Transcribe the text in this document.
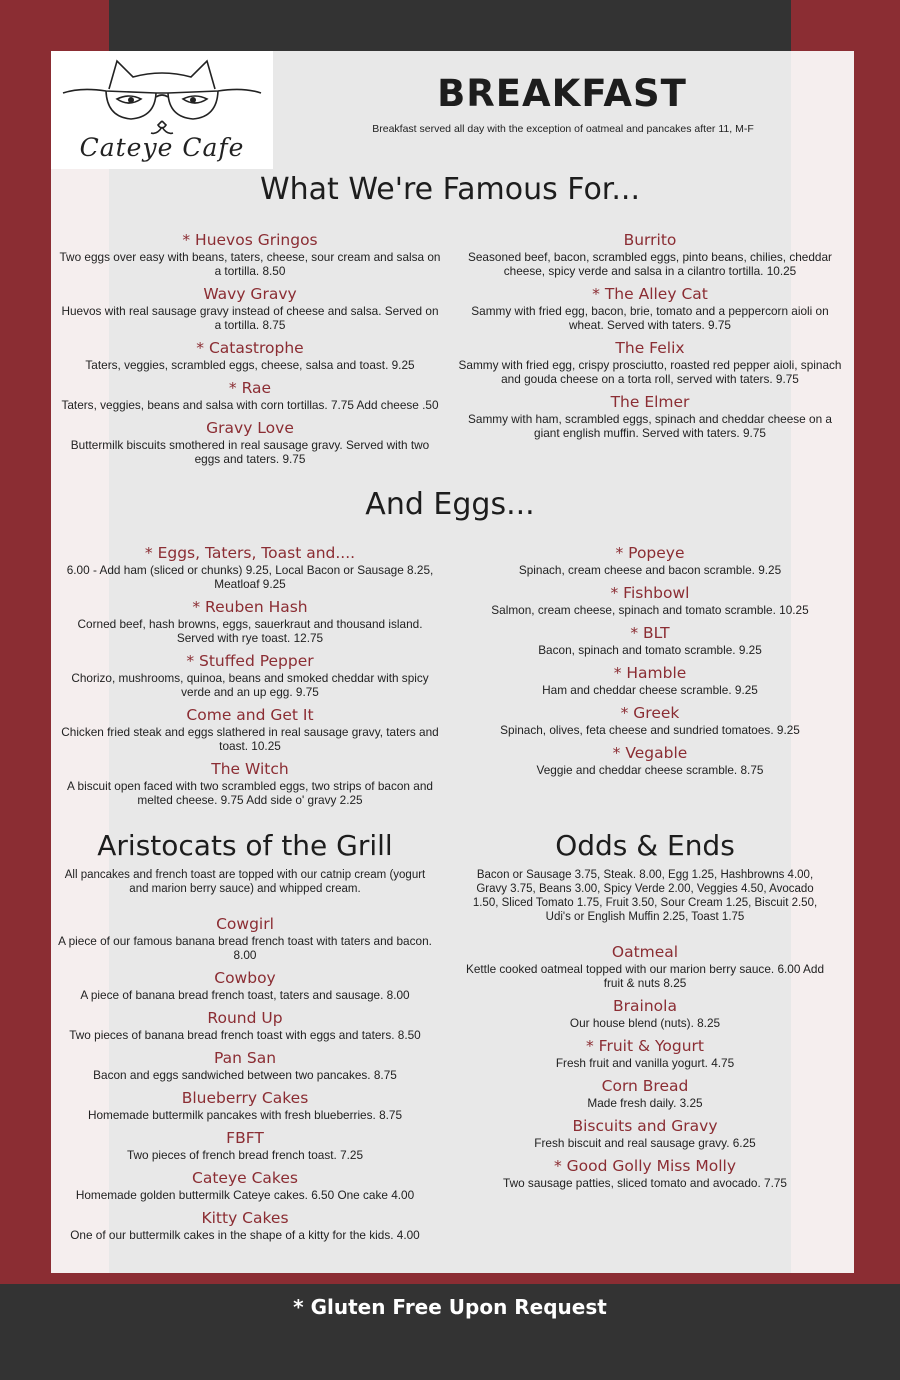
Cateye Cafe
BREAKFAST
Breakfast served all day with the exception of oatmeal and pancakes after 11, M-F
What We're Famous For...
* Huevos Gringos
Two eggs over easy with beans, taters, cheese, sour cream and salsa on a tortilla. 8.50
Wavy Gravy
Huevos with real sausage gravy instead of cheese and salsa. Served on a tortilla. 8.75
* Catastrophe
Taters, veggies, scrambled eggs, cheese, salsa and toast. 9.25
* Rae
Taters, veggies, beans and salsa with corn tortillas. 7.75 Add cheese .50
Gravy Love
Buttermilk biscuits smothered in real sausage gravy. Served with two eggs and taters. 9.75
Burrito
Seasoned beef, bacon, scrambled eggs, pinto beans, chilies, cheddar cheese, spicy verde and salsa in a cilantro tortilla. 10.25
* The Alley Cat
Sammy with fried egg, bacon, brie, tomato and a peppercorn aioli on wheat. Served with taters. 9.75
The Felix
Sammy with fried egg, crispy prosciutto, roasted red pepper aioli, spinach and gouda cheese on a torta roll, served with taters. 9.75
The Elmer
Sammy with ham, scrambled eggs, spinach and cheddar cheese on a giant english muffin. Served with taters. 9.75
And Eggs...
* Eggs, Taters, Toast and....
6.00 - Add ham (sliced or chunks) 9.25, Local Bacon or Sausage 8.25, Meatloaf 9.25
* Reuben Hash
Corned beef, hash browns, eggs, sauerkraut and thousand island. Served with rye toast. 12.75
* Stuffed Pepper
Chorizo, mushrooms, quinoa, beans and smoked cheddar with spicy verde and an up egg. 9.75
Come and Get It
Chicken fried steak and eggs slathered in real sausage gravy, taters and toast. 10.25
The Witch
A biscuit open faced with two scrambled eggs, two strips of bacon and melted cheese. 9.75 Add side o' gravy 2.25
* Popeye
Spinach, cream cheese and bacon scramble. 9.25
* Fishbowl
Salmon, cream cheese, spinach and tomato scramble. 10.25
* BLT
Bacon, spinach and tomato scramble. 9.25
* Hamble
Ham and cheddar cheese scramble. 9.25
* Greek
Spinach, olives, feta cheese and sundried tomatoes. 9.25
* Vegable
Veggie and cheddar cheese scramble. 8.75
Aristocats of the Grill
All pancakes and french toast are topped with our catnip cream (yogurt and marion berry sauce) and whipped cream.
Cowgirl
A piece of our famous banana bread french toast with taters and bacon. 8.00
Cowboy
A piece of banana bread french toast, taters and sausage. 8.00
Round Up
Two pieces of banana bread french toast with eggs and taters. 8.50
Pan San
Bacon and eggs sandwiched between two pancakes. 8.75
Blueberry Cakes
Homemade buttermilk pancakes with fresh blueberries. 8.75
FBFT
Two pieces of french bread french toast. 7.25
Cateye Cakes
Homemade golden buttermilk Cateye cakes. 6.50 One cake 4.00
Kitty Cakes
One of our buttermilk cakes in the shape of a kitty for the kids. 4.00
Odds & Ends
Bacon or Sausage 3.75, Steak. 8.00, Egg 1.25, Hashbrowns 4.00, Gravy 3.75, Beans 3.00, Spicy Verde 2.00, Veggies 4.50, Avocado 1.50, Sliced Tomato 1.75, Fruit 3.50, Sour Cream 1.25, Biscuit 2.50, Udi's or English Muffin 2.25, Toast 1.75
Oatmeal
Kettle cooked oatmeal topped with our marion berry sauce. 6.00 Add fruit & nuts 8.25
Brainola
Our house blend (nuts). 8.25
* Fruit & Yogurt
Fresh fruit and vanilla yogurt. 4.75
Corn Bread
Made fresh daily. 3.25
Biscuits and Gravy
Fresh biscuit and real sausage gravy. 6.25
* Good Golly Miss Molly
Two sausage patties, sliced tomato and avocado. 7.75
* Gluten Free Upon Request
